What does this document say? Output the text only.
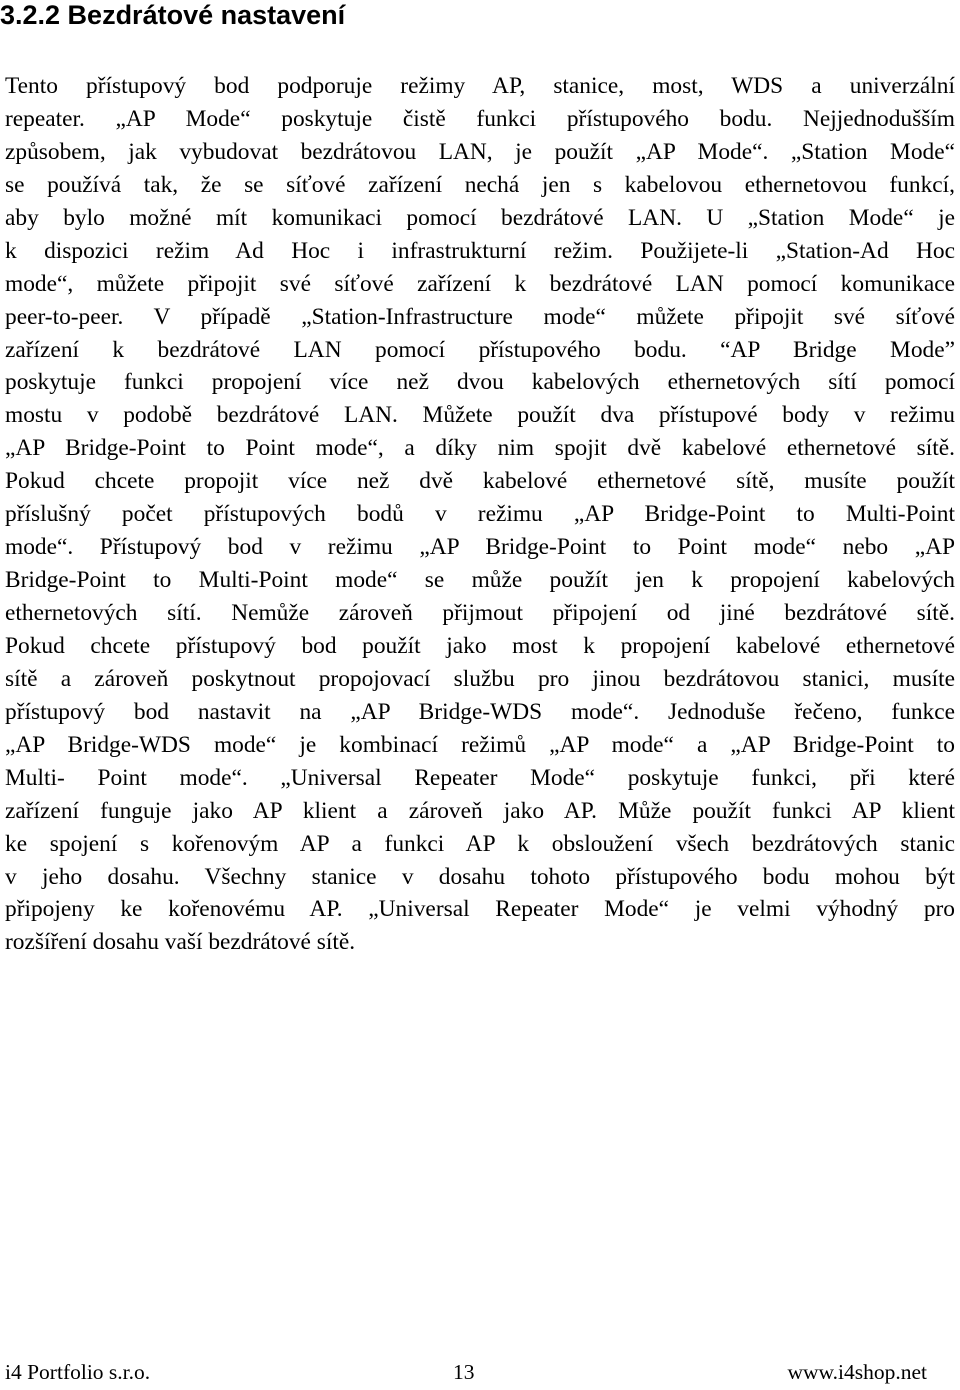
3.2.2 Bezdrátové nastavení
Tento přístupový bod podporuje režimy AP, stanice, most, WDS a univerzální
repeater. „AP Mode“ poskytuje čistě funkci přístupového bodu. Nejjednodušším
způsobem, jak vybudovat bezdrátovou LAN, je použít „AP Mode“. „Station Mode“
se používá tak, že se síťové zařízení nechá jen s kabelovou ethernetovou funkcí,
aby bylo možné mít komunikaci pomocí bezdrátové LAN. U „Station Mode“ je
k dispozici režim Ad Hoc i infrastrukturní režim. Použijete-li „Station-Ad Hoc
mode“, můžete připojit své síťové zařízení k bezdrátové LAN pomocí komunikace
peer-to-peer. V případě „Station-Infrastructure mode“ můžete připojit své síťové
zařízení k bezdrátové LAN pomocí přístupového bodu. “AP Bridge Mode”
poskytuje funkci propojení více než dvou kabelových ethernetových sítí pomocí
mostu v podobě bezdrátové LAN. Můžete použít dva přístupové body v režimu
„AP Bridge-Point to Point mode“, a díky nim spojit dvě kabelové ethernetové sítě.
Pokud chcete propojit více než dvě kabelové ethernetové sítě, musíte použít
příslušný počet přístupových bodů v režimu „AP Bridge-Point to Multi-Point
mode“. Přístupový bod v režimu „AP Bridge-Point to Point mode“ nebo „AP
Bridge-Point to Multi-Point mode“ se může použít jen k propojení kabelových
ethernetových sítí. Nemůže zároveň přijmout připojení od jiné bezdrátové sítě.
Pokud chcete přístupový bod použít jako most k propojení kabelové ethernetové
sítě a zároveň poskytnout propojovací službu pro jinou bezdrátovou stanici, musíte
přístupový bod nastavit na „AP Bridge-WDS mode“. Jednoduše řečeno, funkce
„AP Bridge-WDS mode“ je kombinací režimů „AP mode“ a „AP Bridge-Point to
Multi- Point mode“. „Universal Repeater Mode“ poskytuje funkci, při které
zařízení funguje jako AP klient a zároveň jako AP. Může použít funkci AP klient
ke spojení s kořenovým AP a funkci AP k obsloužení všech bezdrátových stanic
v jeho dosahu. Všechny stanice v dosahu tohoto přístupového bodu mohou být
připojeny ke kořenovému AP. „Universal Repeater Mode“ je velmi výhodný pro
rozšíření dosahu vaší bezdrátové sítě.
i4 Portfolio s.r.o.	13	www.i4shop.net
